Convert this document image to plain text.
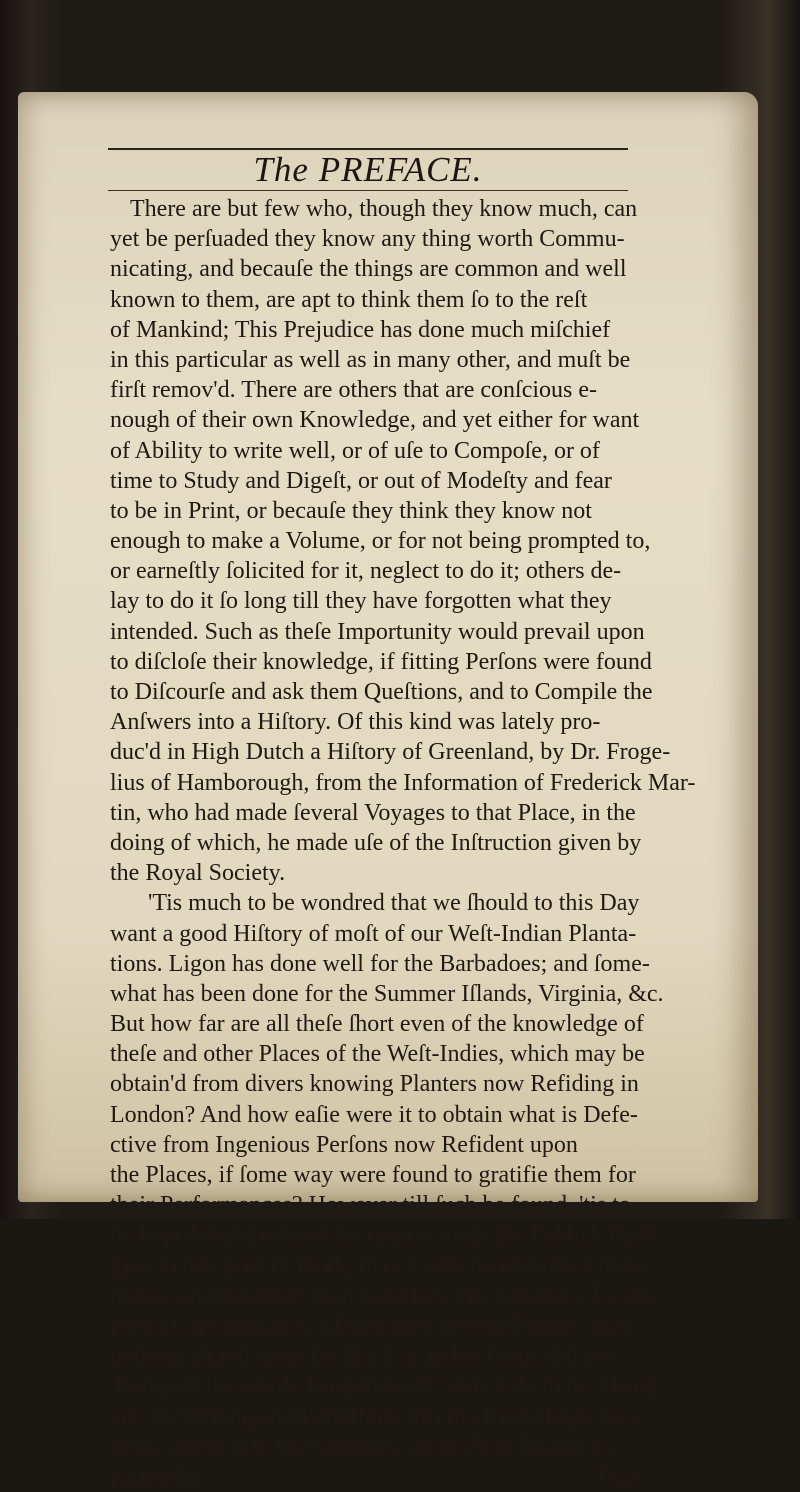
The PREFACE.
There are but few who, though they know much, can
yet be perſuaded they know any thing worth Commu-
nicating, and becauſe the things are common and well
known to them, are apt to think them ſo to the reſt
of Mankind; This Prejudice has done much miſchief
in this particular as well as in many other, and muſt be
firſt remov'd. There are others that are conſcious e-
nough of their own Knowledge, and yet either for want
of Ability to write well, or of uſe to Compoſe, or of
time to Study and Digeſt, or out of Modeſty and fear
to be in Print, or becauſe they think they know not
enough to make a Volume, or for not being prompted to,
or earneſtly ſolicited for it, neglect to do it; others de-
lay to do it ſo long till they have forgotten what they
intended. Such as theſe Importunity would prevail upon
to diſcloſe their knowledge, if fitting Perſons were found
to Diſcourſe and ask them Queſtions, and to Compile the
Anſwers into a Hiſtory. Of this kind was lately pro-
duc'd in High Dutch a Hiſtory of Greenland, by Dr. Froge-
lius of Hamborough, from the Information of Frederick Mar-
tin, who had made ſeveral Voyages to that Place, in the
doing of which, he made uſe of the Inſtruction given by
the Royal Society.
'Tis much to be wondred that we ſhould to this Day
want a good Hiſtory of moſt of our Weſt-Indian Planta-
tions. Ligon has done well for the Barbadoes; and ſome-
what has been done for the Summer Iſlands, Virginia, &c.
But how far are all theſe ſhort even of the knowledge of
theſe and other Places of the Weſt-Indies, which may be
obtain'd from divers knowing Planters now Refiding in
London? And how eaſie were it to obtain what is Defe-
ctive from Ingenious Perſons now Refident upon
the Places, if ſome way were found to gratifie them for
their Performances? However till ſuch be found, 'tis to
be hoped that the kind Acceptance only the Publick ſhall
give to this preſent Work, may excite ſeveral other Inge-
nuous, and knowing Men to follow this Generous Exam-
ple of Captain Knox, who though he could bring away
nothing almoſt upon his Back or in his Purſe, did yet
Tranſport the whole Kingdom of Cande Uda in his Head,
and by Writing and Publiſhing this his Knowledge, has
freely given it to his Countrey, and to You Reader in
particular.	'Twas
